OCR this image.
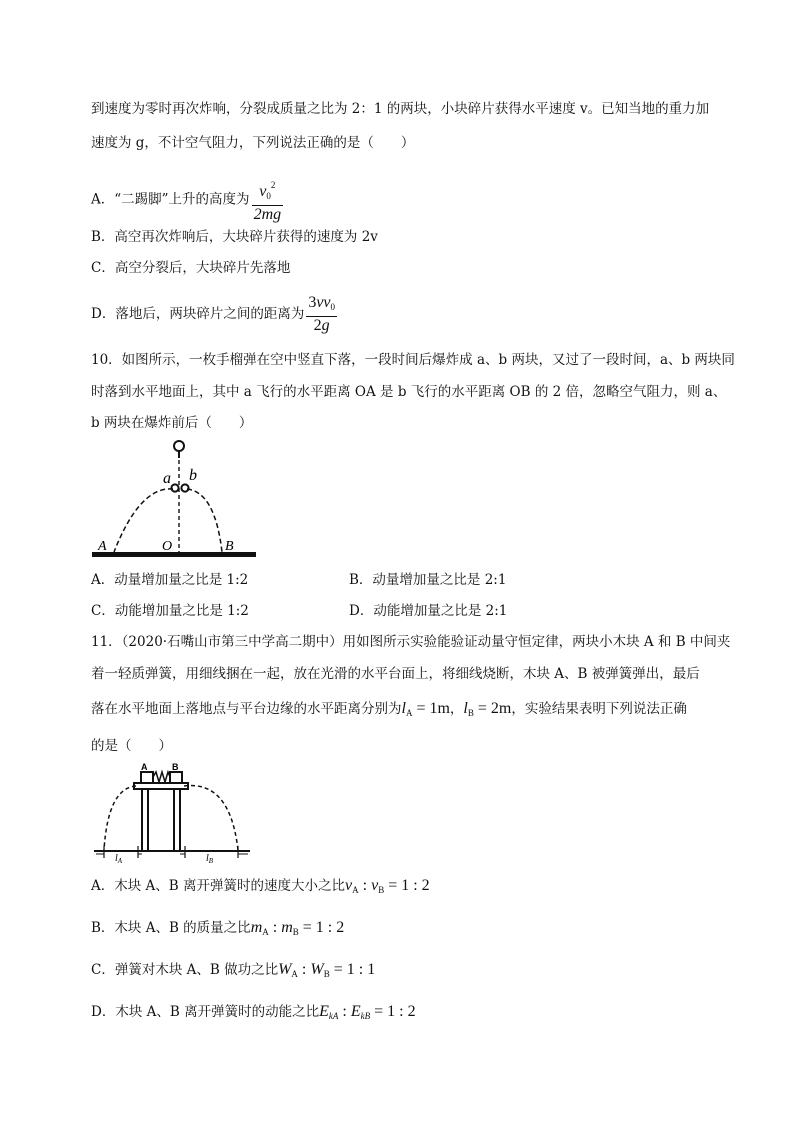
到速度为零时再次炸响，分裂成质量之比为 2：1 的两块，小块碎片获得水平速度 v。已知当地的重力加
速度为 g，不计空气阻力，下列说法正确的是（　　）
A．“二踢脚”上升的高度为 $\frac{v_0^2}{2mg}$
B．高空再次炸响后，大块碎片获得的速度为 2v
C．高空分裂后，大块碎片先落地
D．落地后，两块碎片之间的距离为 $\frac{3vv_0}{2g}$
10．如图所示，一枚手榴弹在空中竖直下落，一段时间后爆炸成 a、b 两块，又过了一段时间，a、b 两块同
时落到水平地面上，其中 a 飞行的水平距离 OA 是 b 飞行的水平距离 OB 的 2 倍，忽略空气阻力，则 a、
b 两块在爆炸前后（　　）
a b
A	O	B
A．动量增加量之比是 1:2	B．动量增加量之比是 2:1
C．动能增加量之比是 1:2	D．动能增加量之比是 2:1
11．（2020·石嘴山市第三中学高二期中）用如图所示实验能验证动量守恒定律，两块小木块 A 和 B 中间夹
着一轻质弹簧，用细线捆在一起，放在光滑的水平台面上，将细线烧断，木块 A、B 被弹簧弹出，最后
落在水平地面上落地点与平台边缘的水平距离分别为$l_A = 1m$，$l_B = 2m$，实验结果表明下列说法正确
的是（　　）
A	B
$l_A$	$l_B$
A．木块 A、B 离开弹簧时的速度大小之比$v_A$ : $v_B = 1$ : 2
B．木块 A、B 的质量之比$m_A$ : $m_B = 1$ : 2
C．弹簧对木块 A、B 做功之比$W_A$ : $W_B = 1$ : 1
D．木块 A、B 离开弹簧时的动能之比$E_{kA}$ : $E_{kB} = 1$ : 2
